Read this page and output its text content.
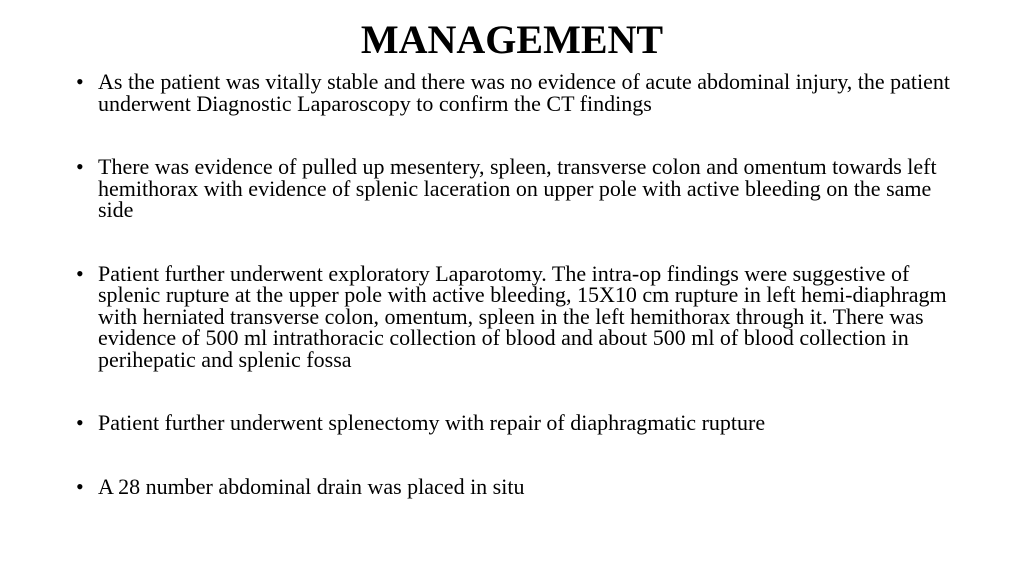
MANAGEMENT
• As the patient was vitally stable and there was no evidence of acute abdominal injury, the patient underwent Diagnostic Laparoscopy to confirm the CT findings
• There was evidence of pulled up mesentery, spleen, transverse colon and omentum towards left hemithorax with evidence of splenic laceration on upper pole with active bleeding on the same side
• Patient further underwent exploratory Laparotomy. The intra-op findings were suggestive of splenic rupture at the upper pole with active bleeding, 15X10 cm rupture in left hemi-diaphragm with herniated transverse colon, omentum, spleen in the left hemithorax through it. There was evidence of 500 ml intrathoracic collection of blood and about 500 ml of blood collection in perihepatic and splenic fossa
• Patient further underwent splenectomy with repair of diaphragmatic rupture
• A 28 number abdominal drain was placed in situ
